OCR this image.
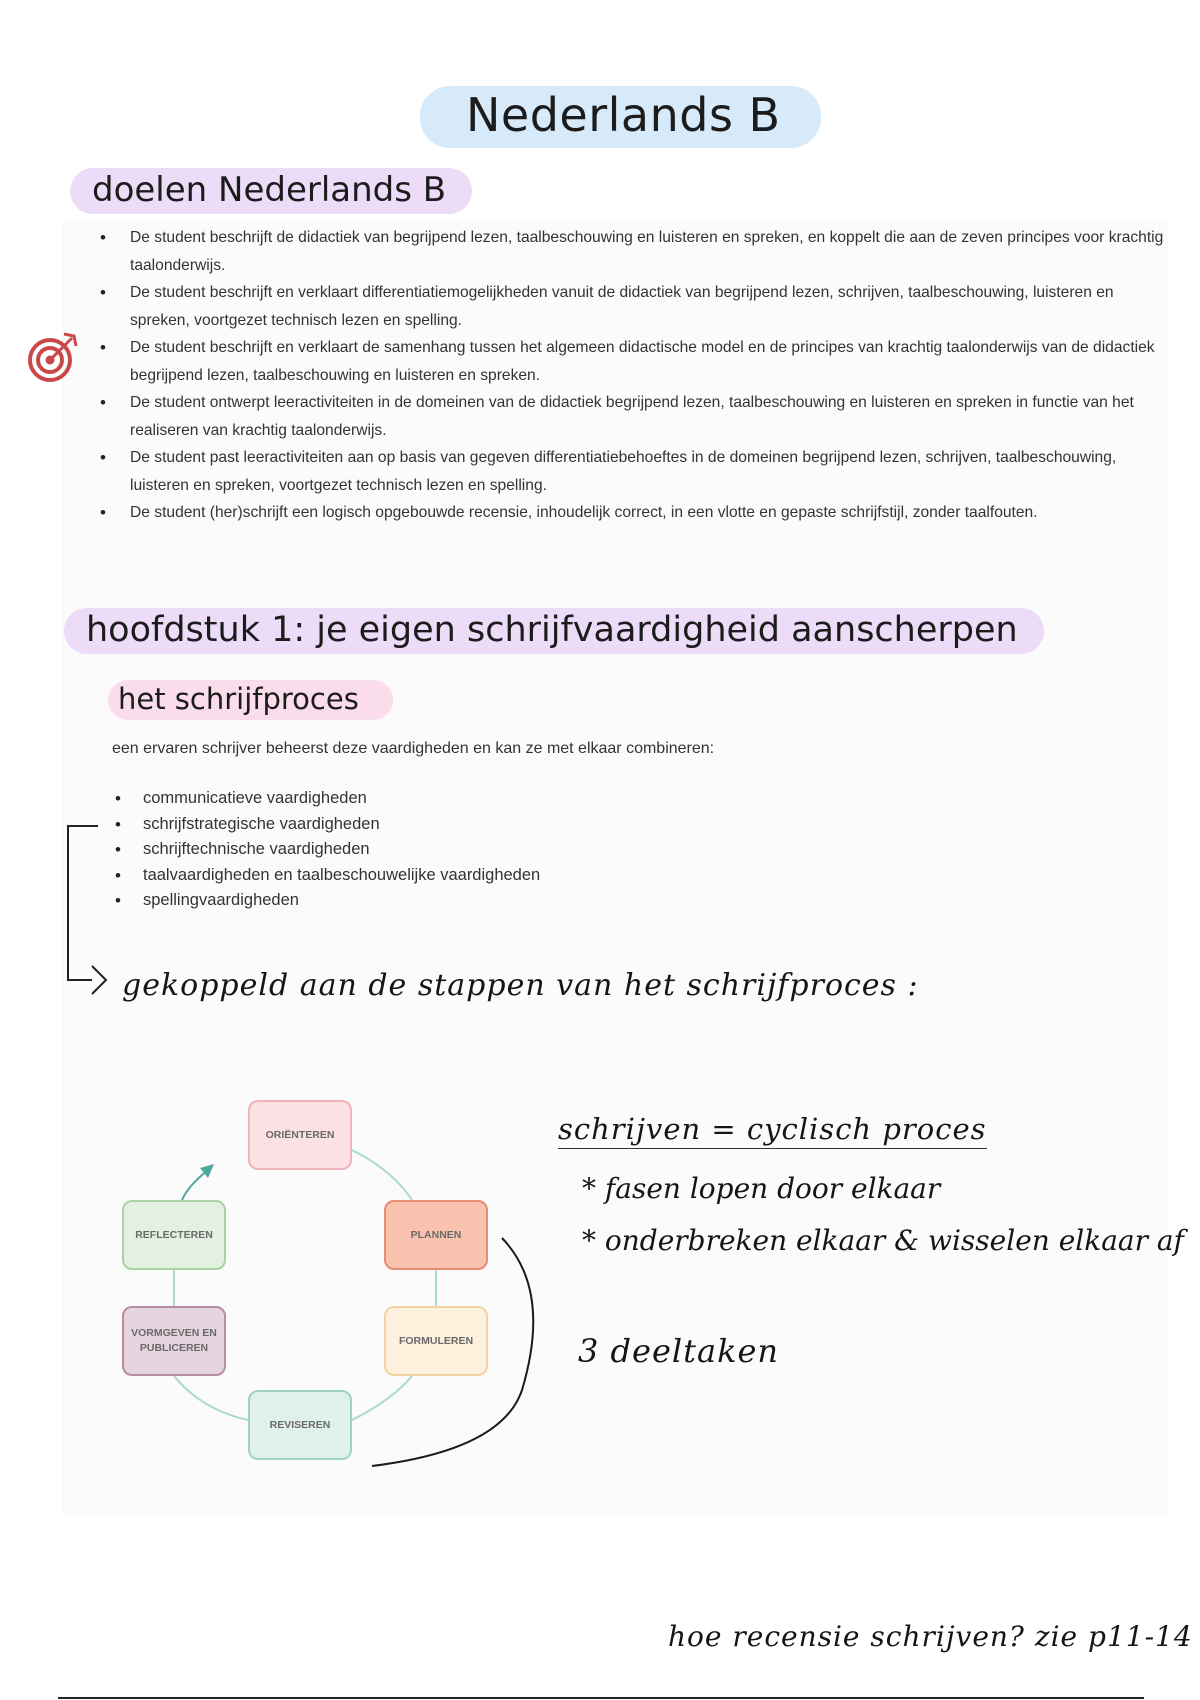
Nederlands B
doelen Nederlands B
• De student beschrijft de didactiek van begrijpend lezen, taalbeschouwing en luisteren en spreken, en koppelt die aan de zeven principes voor krachtig taalonderwijs.
• De student beschrijft en verklaart differentiatiemogelijkheden vanuit de didactiek van begrijpend lezen, schrijven, taalbeschouwing, luisteren en spreken, voortgezet technisch lezen en spelling.
• De student beschrijft en verklaart de samenhang tussen het algemeen didactische model en de principes van krachtig taalonderwijs van de didactiek begrijpend lezen, taalbeschouwing en luisteren en spreken.
• De student ontwerpt leeractiviteiten in de domeinen van de didactiek begrijpend lezen, taalbeschouwing en luisteren en spreken in functie van het realiseren van krachtig taalonderwijs.
• De student past leeractiviteiten aan op basis van gegeven differentiatiebehoeftes in de domeinen begrijpend lezen, schrijven, taalbeschouwing, luisteren en spreken, voortgezet technisch lezen en spelling.
• De student (her)schrijft een logisch opgebouwde recensie, inhoudelijk correct, in een vlotte en gepaste schrijfstijl, zonder taalfouten.
hoofdstuk 1: je eigen schrijfvaardigheid aanscherpen
het schrijfproces
een ervaren schrijver beheerst deze vaardigheden en kan ze met elkaar combineren:
• communicatieve vaardigheden
• schrijfstrategische vaardigheden
• schrijftechnische vaardigheden
• taalvaardigheden en taalbeschouwelijke vaardigheden
• spellingvaardigheden
gekoppeld aan de stappen van het schrijfproces :
ORIËNTEREN
PLANNEN
FORMULEREN
REVISEREN
VORMGEVEN EN PUBLICEREN
REFLECTEREN
schrijven = cyclisch proces
* fasen lopen door elkaar
* onderbreken elkaar & wisselen elkaar af
3 deeltaken
hoe recensie schrijven? zie p11-14
